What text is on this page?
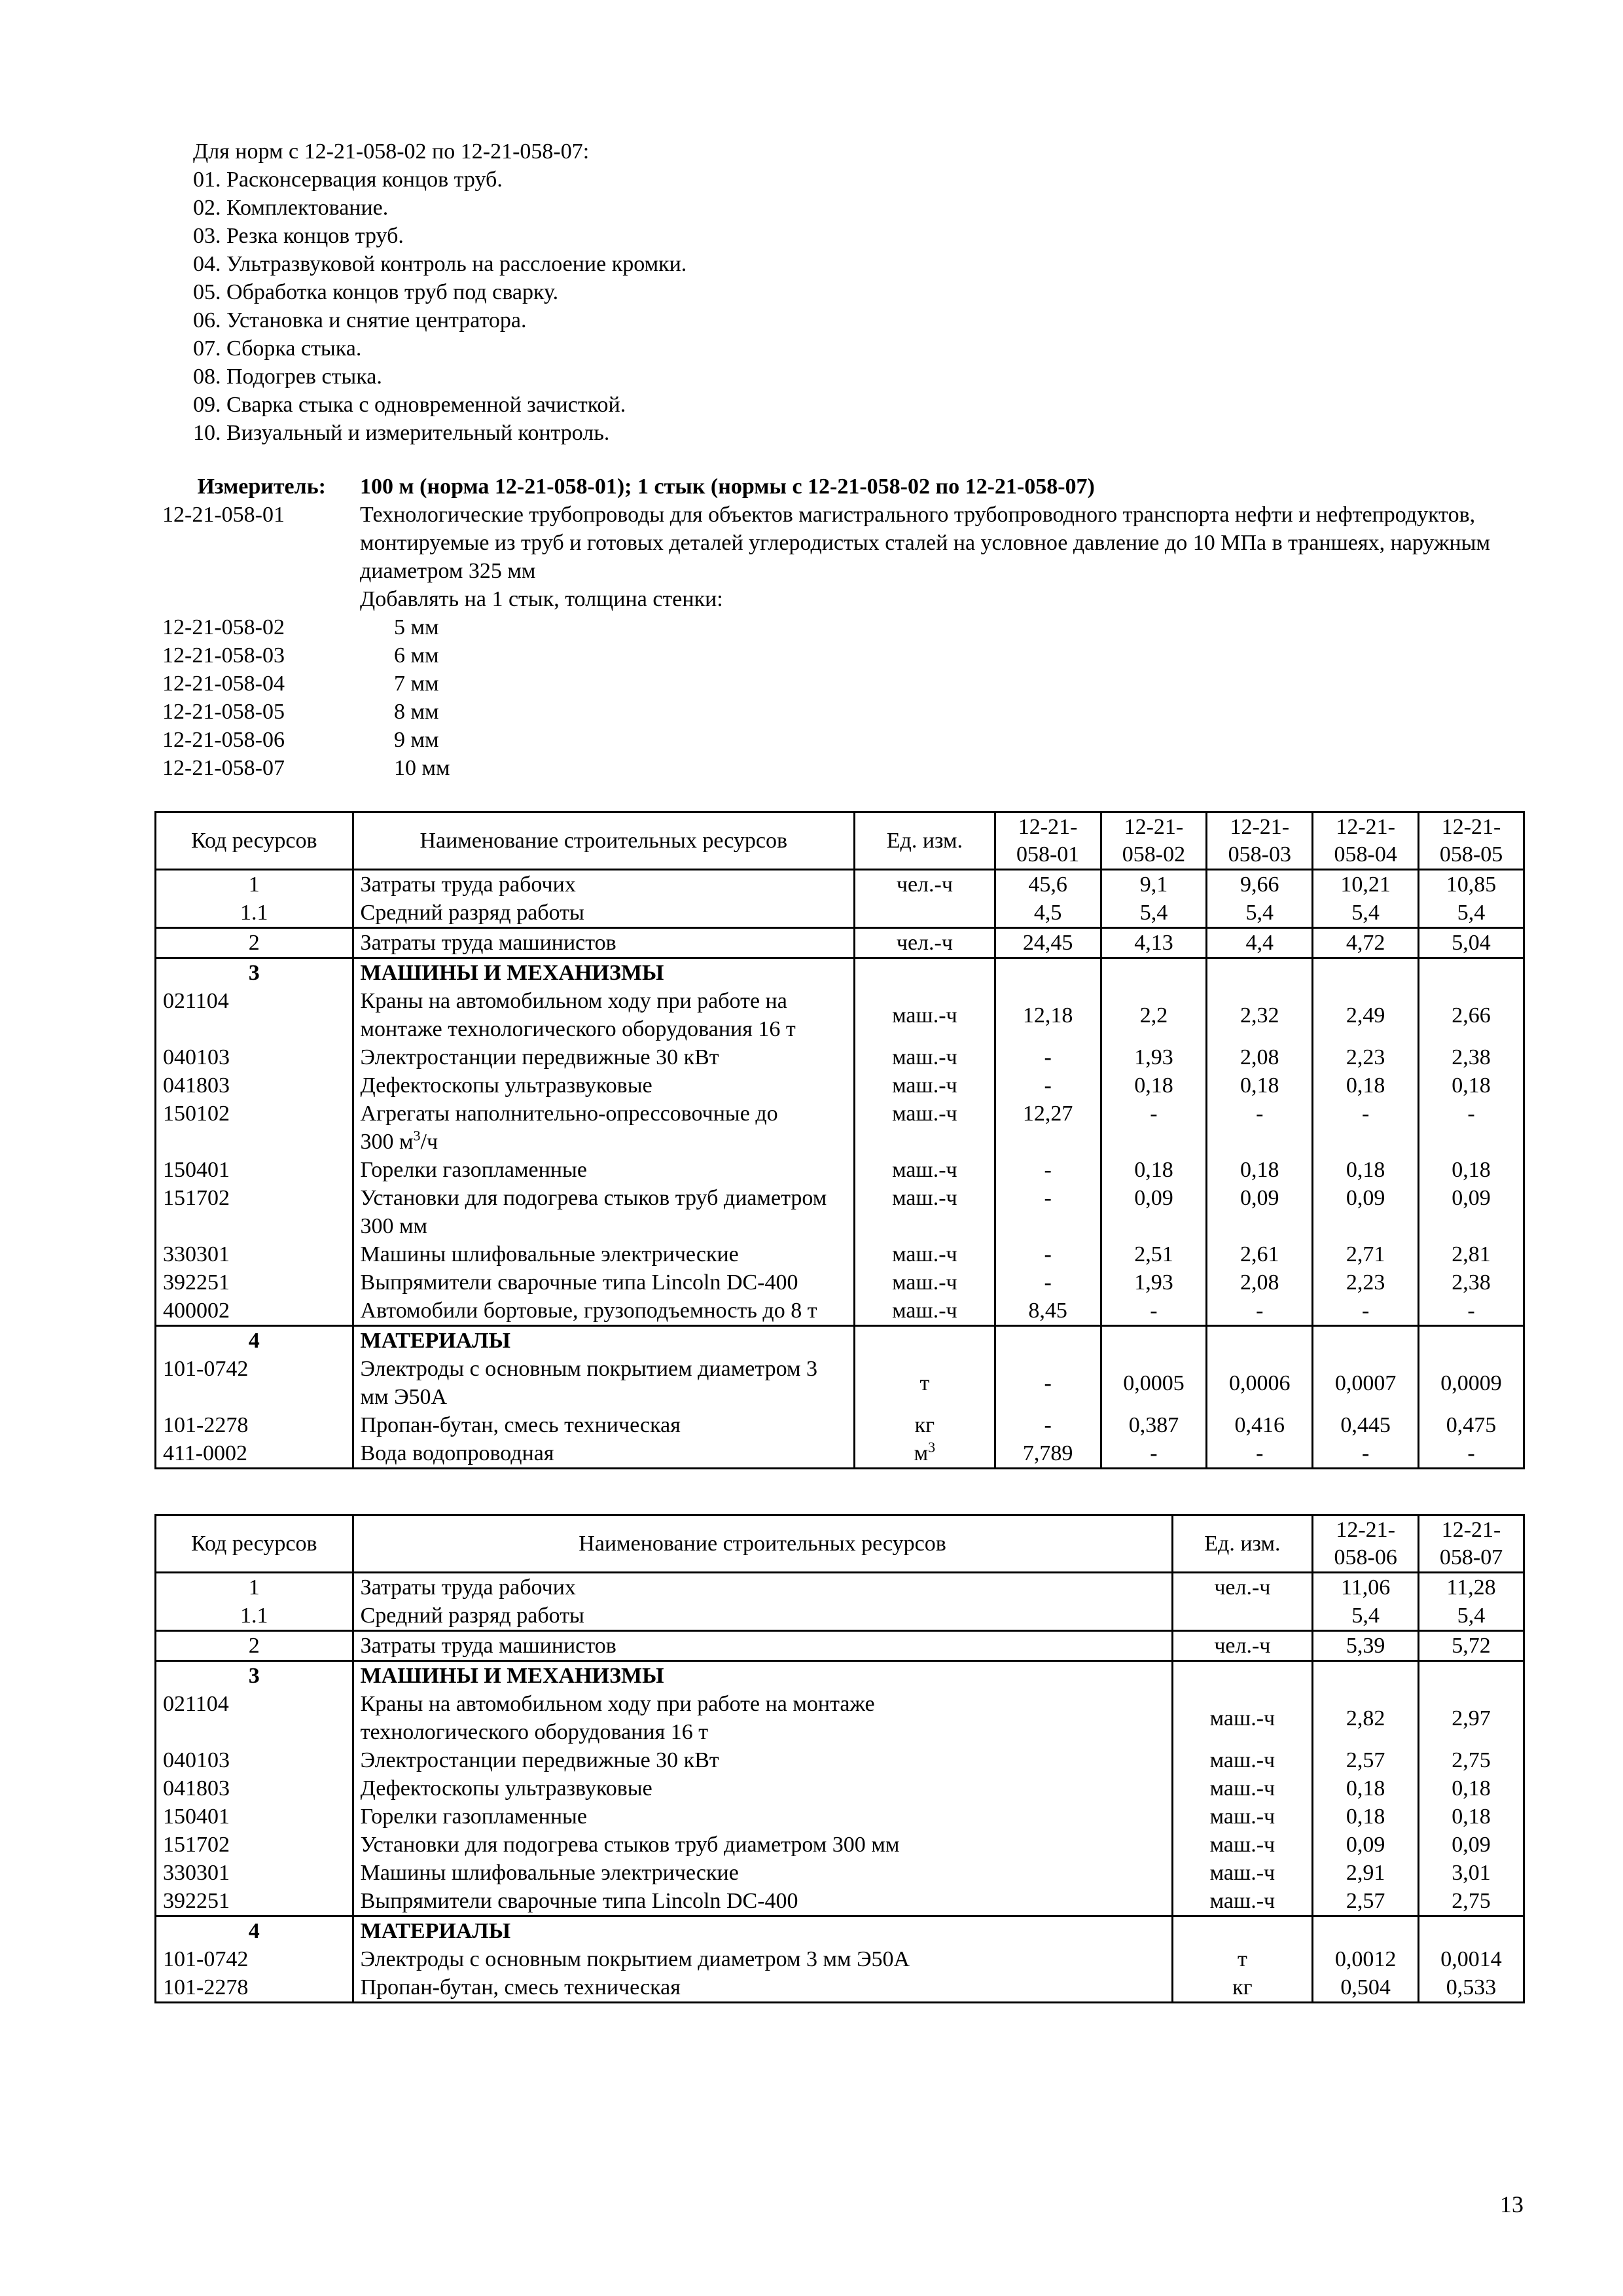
Для норм с 12-21-058-02 по 12-21-058-07:
01. Расконсервация концов труб.
02. Комплектование.
03. Резка концов труб.
04. Ультразвуковой контроль на расслоение кромки.
05. Обработка концов труб под сварку.
06. Установка и снятие центратора.
07. Сборка стыка.
08. Подогрев стыка.
09. Сварка стыка с одновременной зачисткой.
10. Визуальный и измерительный контроль.
Измеритель:	100 м (норма 12-21-058-01); 1 стык (нормы с 12-21-058-02 по 12-21-058-07)
12-21-058-01	Технологические трубопроводы для объектов магистрального трубопроводного транспорта нефти и нефтепродуктов, монтируемые из труб и готовых деталей углеродистых сталей на условное давление до 10 МПа в траншеях, наружным диаметром 325 мм
Добавлять на 1 стык, толщина стенки:
12-21-058-02	5 мм
12-21-058-03	6 мм
12-21-058-04	7 мм
12-21-058-05	8 мм
12-21-058-06	9 мм
12-21-058-07	10 мм
Код ресурсов	Наименование строительных ресурсов	Ед. изм.	12-21-
058-01	12-21-
058-02	12-21-
058-03	12-21-
058-04	12-21-
058-05
1	Затраты труда рабочих	чел.-ч	45,6	9,1	9,66	10,21	10,85
1.1	Средний разряд работы		4,5	5,4	5,4	5,4	5,4
2	Затраты труда машинистов	чел.-ч	24,45	4,13	4,4	4,72	5,04
3	МАШИНЫ И МЕХАНИЗМЫ						
021104	Краны на автомобильном ходу при работе на монтаже технологического оборудования 16 т	маш.-ч	12,18	2,2	2,32	2,49	2,66
040103	Электростанции передвижные 30 кВт	маш.-ч	-	1,93	2,08	2,23	2,38
041803	Дефектоскопы ультразвуковые	маш.-ч	-	0,18	0,18	0,18	0,18
150102	Агрегаты наполнительно-опрессовочные до
300 $м^3/ч$	маш.-ч	12,27	-	-	-	-
150401	Горелки газопламенные	маш.-ч	-	0,18	0,18	0,18	0,18
151702	Установки для подогрева стыков труб диаметром 300 мм	маш.-ч	-	0,09	0,09	0,09	0,09
330301	Машины шлифовальные электрические	маш.-ч	-	2,51	2,61	2,71	2,81
392251	Выпрямители сварочные типа Lincoln DC-400	маш.-ч	-	1,93	2,08	2,23	2,38
400002	Автомобили бортовые, грузоподъемность до 8 т	маш.-ч	8,45	-	-	-	-
4	МАТЕРИАЛЫ						
101-0742	Электроды с основным покрытием диаметром 3 мм Э50А	т	-	0,0005	0,0006	0,0007	0,0009
101-2278	Пропан-бутан, смесь техническая	кг	-	0,387	0,416	0,445	0,475
411-0002	Вода водопроводная	$м^3$	7,789	-	-	-	-
Код ресурсов	Наименование строительных ресурсов	Ед. изм.	12-21-
058-06	12-21-
058-07
1	Затраты труда рабочих	чел.-ч	11,06	11,28
1.1	Средний разряд работы		5,4	5,4
2	Затраты труда машинистов	чел.-ч	5,39	5,72
3	МАШИНЫ И МЕХАНИЗМЫ			
021104	Краны на автомобильном ходу при работе на монтаже технологического оборудования 16 т	маш.-ч	2,82	2,97
040103	Электростанции передвижные 30 кВт	маш.-ч	2,57	2,75
041803	Дефектоскопы ультразвуковые	маш.-ч	0,18	0,18
150401	Горелки газопламенные	маш.-ч	0,18	0,18
151702	Установки для подогрева стыков труб диаметром 300 мм	маш.-ч	0,09	0,09
330301	Машины шлифовальные электрические	маш.-ч	2,91	3,01
392251	Выпрямители сварочные типа Lincoln DC-400	маш.-ч	2,57	2,75
4	МАТЕРИАЛЫ			
101-0742	Электроды с основным покрытием диаметром 3 мм Э50А	т	0,0012	0,0014
101-2278	Пропан-бутан, смесь техническая	кг	0,504	0,533
13
